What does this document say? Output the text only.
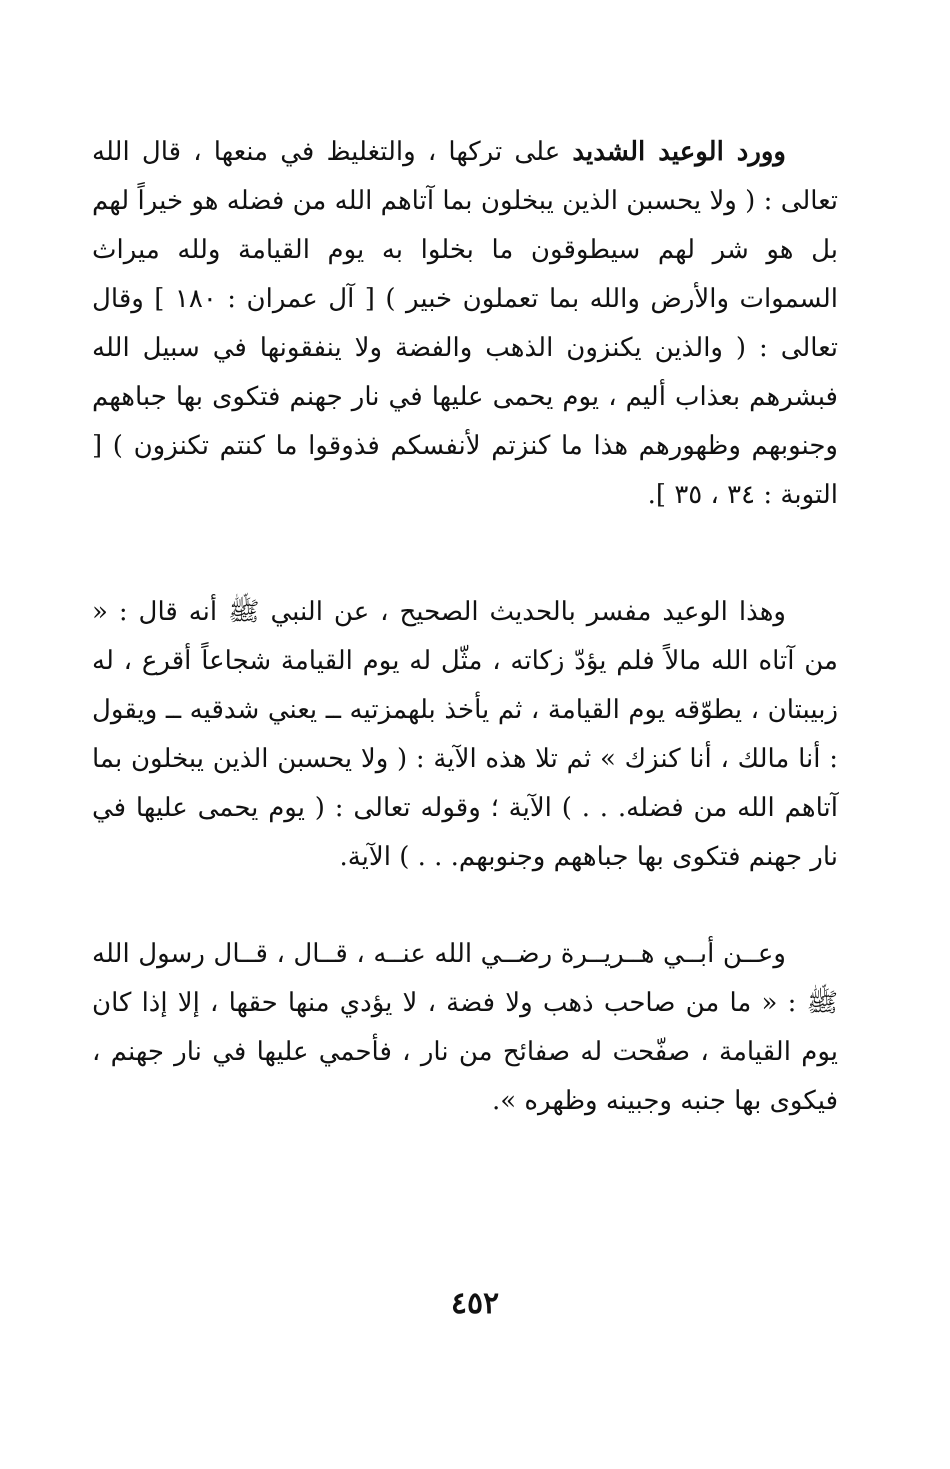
وورد الوعيد الشديد على تركها ، والتغليظ في منعها ، قال الله تعالى : ( ولا يحسبن الذين يبخلون بما آتاهم الله من فضله هو خيراً لهم بل هو شر لهم سيطوقون ما بخلوا به يوم القيامة ولله ميراث السموات والأرض والله بما تعملون خبير ) [ آل عمران : ١٨٠ ] وقال تعالى : ( والذين يكنزون الذهب والفضة ولا ينفقونها في سبيل الله فبشرهم بعذاب أليم ، يوم يحمى عليها في نار جهنم فتكوى بها جباههم وجنوبهم وظهورهم هذا ما كنزتم لأنفسكم فذوقوا ما كنتم تكنزون ) [ التوبة : ٣٤ ، ٣٥ ].

وهذا الوعيد مفسر بالحديث الصحيح ، عن النبي ﷺ أنه قال : « من آتاه الله مالاً فلم يؤدّ زكاته ، مثّل له يوم القيامة شجاعاً أقرع ، له زبيبتان ، يطوّقه يوم القيامة ، ثم يأخذ بلهمزتيه ــ يعني شدقيه ــ ويقول : أنا مالك ، أنا كنزك » ثم تلا هذه الآية : ( ولا يحسبن الذين يبخلون بما آتاهم الله من فضله. . . ) الآية ؛ وقوله تعالى : ( يوم يحمى عليها في نار جهنم فتكوى بها جباههم وجنوبهم. . . ) الآية.

وعــن أبــي هــريــرة رضــي الله عنــه ، قــال ، قــال رسول الله ﷺ : « ما من صاحب ذهب ولا فضة ، لا يؤدي منها حقها ، إلا إذا كان يوم القيامة ، صفّحت له صفائح من نار ، فأحمي عليها في نار جهنم ، فيكوى بها جنبه وجبينه وظهره ».

٤٥٢
